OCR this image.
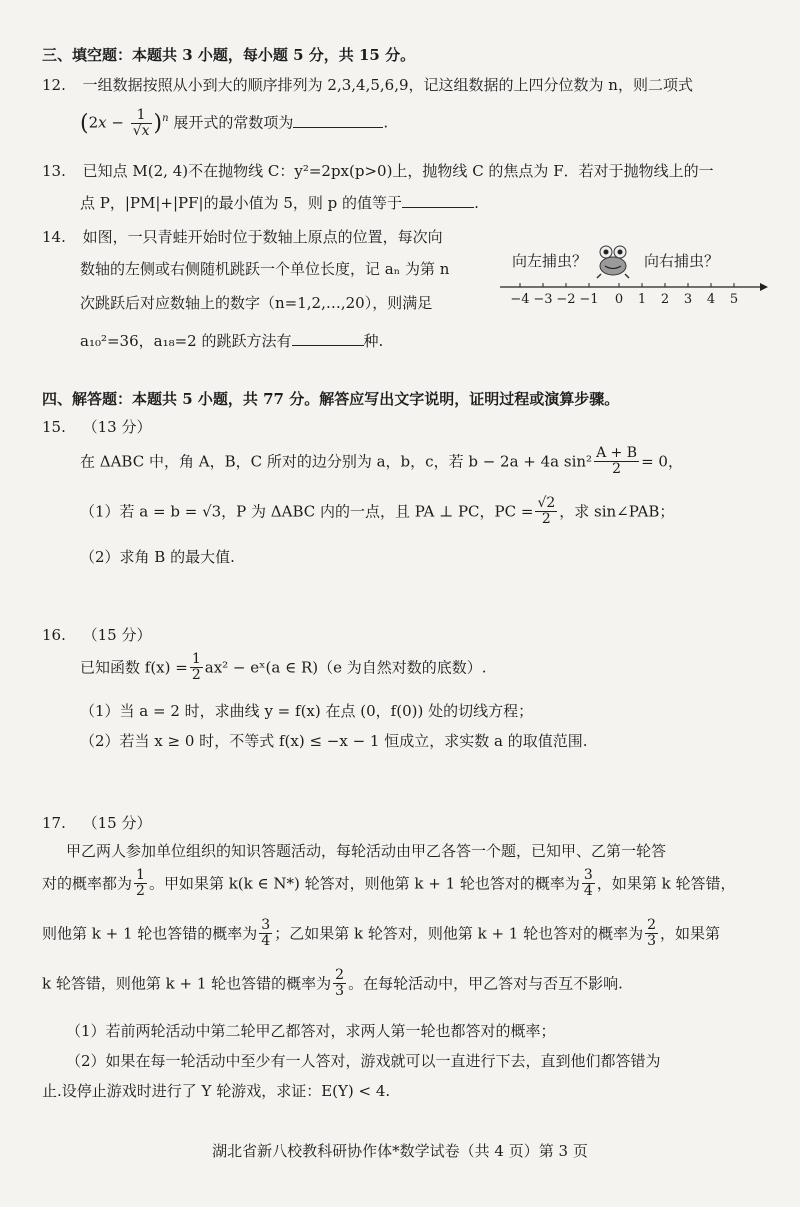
三、填空题：本题共 3 小题，每小题 5 分，共 15 分。
12. 一组数据按照从小到大的顺序排列为 2,3,4,5,6,9，记这组数据的上四分位数为 n，则二项式
$(2x - \frac{1}{√x} )^n$ 展开式的常数项为	.
13. 已知点 M(2, 4)不在抛物线 C：y²=2px(p>0)上，抛物线 C 的焦点为 F．若对于抛物线上的一
点 P，|PM|+|PF|的最小值为 5，则 p 的值等于	.
14. 如图，一只青蛙开始时位于数轴上原点的位置，每次向
数轴的左侧或右侧随机跳跃一个单位长度，记 aₙ 为第 n
次跳跃后对应数轴上的数字（n=1,2,…,20），则满足
a₁₀²=36，a₁₈=2 的跳跃方法有	种.
向左捕虫？	向右捕虫？
−4 −3 −2 −1 0 1 2 3 4 5
四、解答题：本题共 5 小题，共 77 分。解答应写出文字说明，证明过程或演算步骤。
15. （13 分）
在 ΔABC 中，角 A，B，C 所对的边分别为 a，b，c，若 b − 2a + 4a $\sin^2 \frac{A + B}{2} = 0$，
（1）若 a = b = √3，P 为 ΔABC 内的一点，且 PA ⊥ PC，PC = $\frac{√2}{2}$ ，求 sin∠PAB；
（2）求角 B 的最大值.
16. （15 分）
已知函数 $f(x) = \frac{1}{2} ax^2$ − eˣ(a ∈ R)（e 为自然对数的底数）.
（1）当 a = 2 时，求曲线 y = f(x) 在点 (0，f(0)) 处的切线方程；
（2）若当 x ≥ 0 时，不等式 f(x) ≤ −x − 1 恒成立，求实数 a 的取值范围.
17. （15 分）
甲乙两人参加单位组织的知识答题活动，每轮活动由甲乙各答一个题，已知甲、乙第一轮答
对的概率都为 $\frac{1}{2}$ 。甲如果第 k(k ∈ N*) 轮答对，则他第 k + 1 轮也答对的概率为 $\frac{3}{4}$ ，如果第 k 轮答错，
则他第 k + 1 轮也答错的概率为 $\frac{3}{4}$ ；乙如果第 k 轮答对，则他第 k + 1 轮也答对的概率为 $\frac{2}{3}$ ，如果第
k 轮答错，则他第 k + 1 轮也答错的概率为 $\frac{2}{3}$ 。在每轮活动中，甲乙答对与否互不影响.
（1）若前两轮活动中第二轮甲乙都答对，求两人第一轮也都答对的概率；
（2）如果在每一轮活动中至少有一人答对，游戏就可以一直进行下去，直到他们都答错为
止.设停止游戏时进行了 Y 轮游戏，求证：E(Y) < 4.
湖北省新八校教科研协作体*数学试卷（共 4 页）第 3 页
